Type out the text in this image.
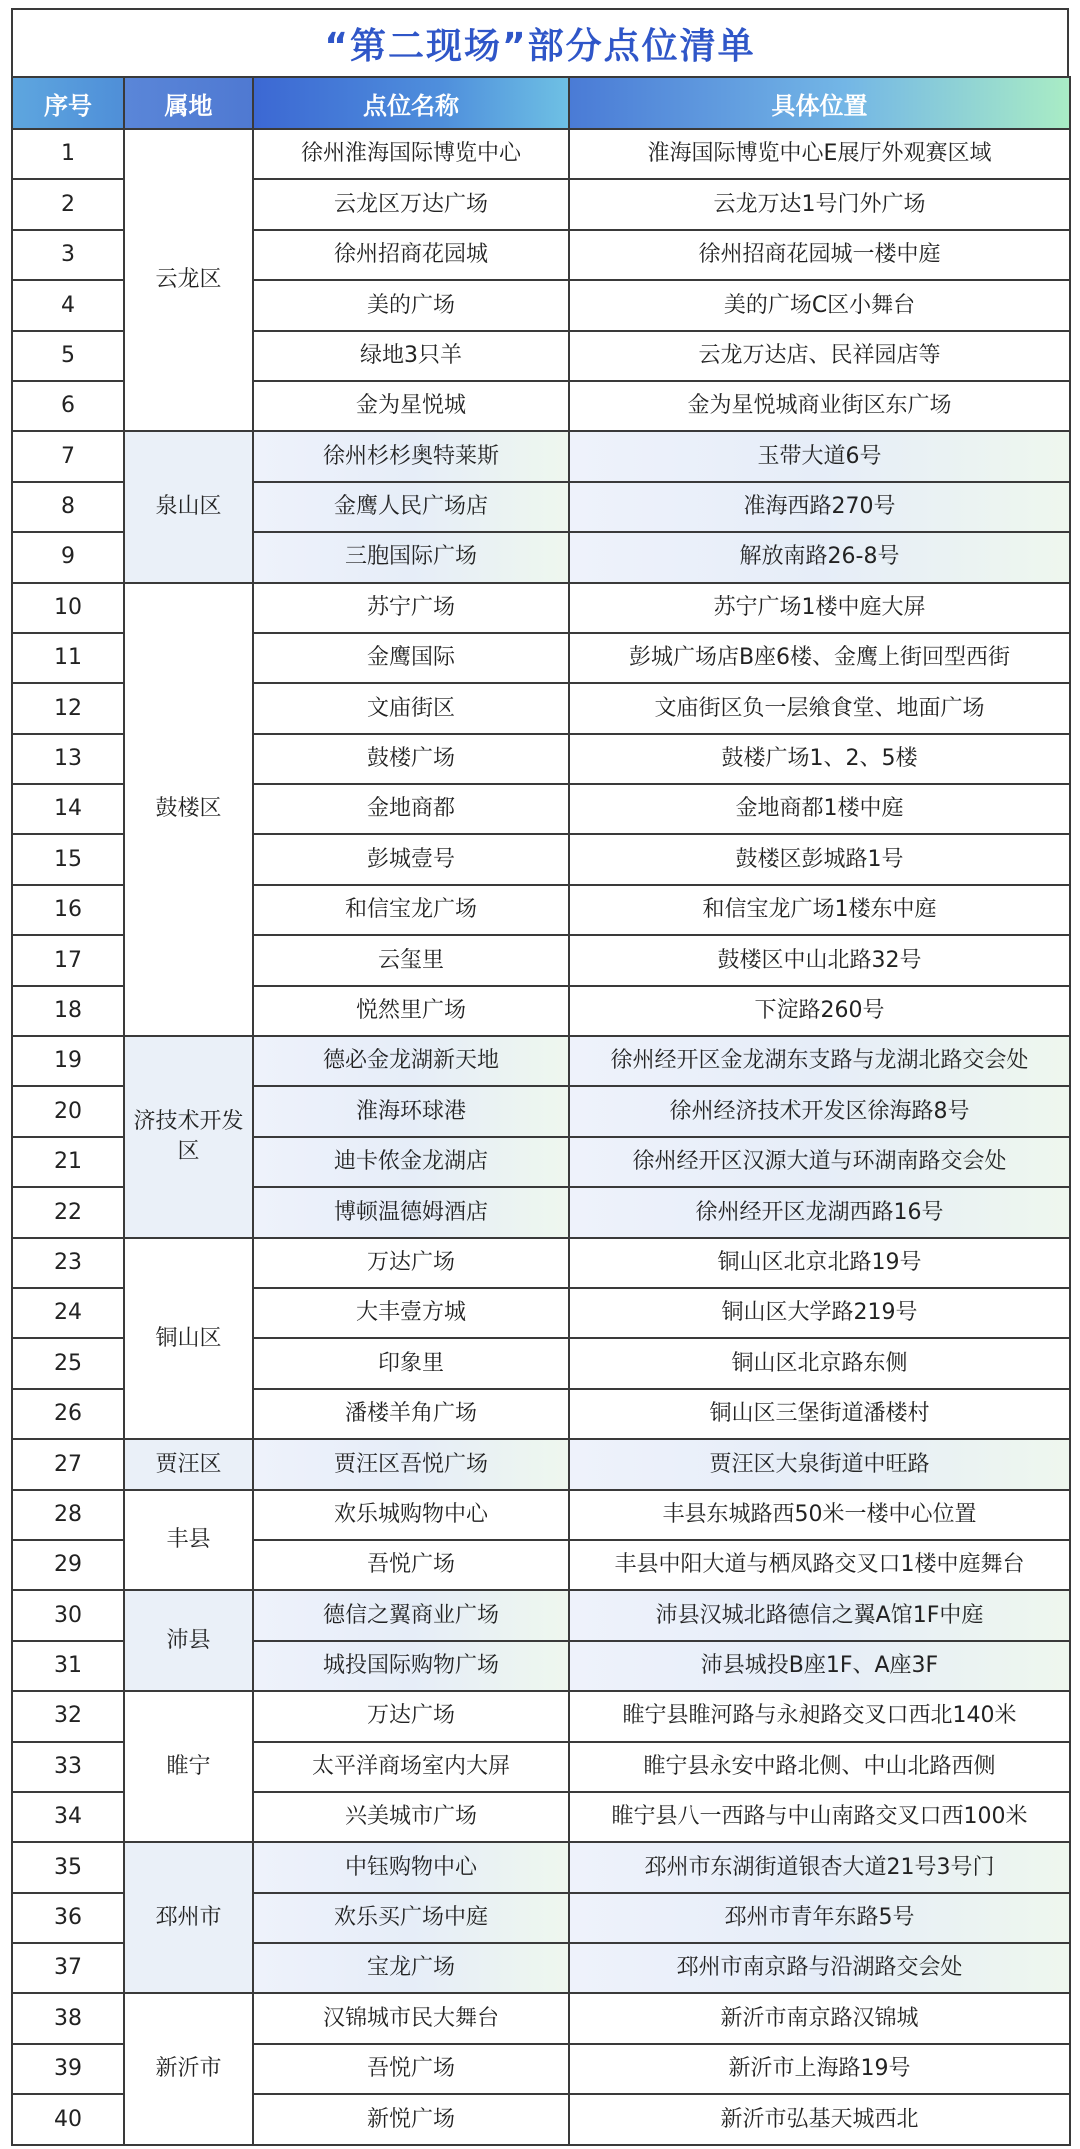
“第二现场”部分点位清单
序号	属地	点位名称	具体位置
1	云龙区	徐州淮海国际博览中心	淮海国际博览中心E展厅外观赛区域
2		云龙区万达广场	云龙万达1号门外广场
3		徐州招商花园城	徐州招商花园城一楼中庭
4		美的广场	美的广场C区小舞台
5		绿地3只羊	云龙万达店、民祥园店等
6		金为星悦城	金为星悦城商业街区东广场
7	泉山区	徐州杉杉奥特莱斯	玉带大道6号
8		金鹰人民广场店	准海西路270号
9		三胞国际广场	解放南路26-8号
10	鼓楼区	苏宁广场	苏宁广场1楼中庭大屏
11		金鹰国际	彭城广场店B座6楼、金鹰上街回型西街
12		文庙街区	文庙街区负一层飨食堂、地面广场
13		鼓楼广场	鼓楼广场1、2、5楼
14		金地商都	金地商都1楼中庭
15		彭城壹号	鼓楼区彭城路1号
16		和信宝龙广场	和信宝龙广场1楼东中庭
17		云玺里	鼓楼区中山北路32号
18		悦然里广场	下淀路260号
19	济技术开发区	德必金龙湖新天地	徐州经开区金龙湖东支路与龙湖北路交会处
20		淮海环球港	徐州经济技术开发区徐海路8号
21		迪卡侬金龙湖店	徐州经开区汉源大道与环湖南路交会处
22		博顿温德姆酒店	徐州经开区龙湖西路16号
23	铜山区	万达广场	铜山区北京北路19号
24		大丰壹方城	铜山区大学路219号
25		印象里	铜山区北京路东侧
26		潘楼羊角广场	铜山区三堡街道潘楼村
27	贾汪区	贾汪区吾悦广场	贾汪区大泉街道中旺路
28	丰县	欢乐城购物中心	丰县东城路西50米一楼中心位置
29		吾悦广场	丰县中阳大道与栖凤路交叉口1楼中庭舞台
30	沛县	德信之翼商业广场	沛县汉城北路德信之翼A馆1F中庭
31		城投国际购物广场	沛县城投B座1F、A座3F
32	睢宁	万达广场	睢宁县睢河路与永昶路交叉口西北140米
33		太平洋商场室内大屏	睢宁县永安中路北侧、中山北路西侧
34		兴美城市广场	睢宁县八一西路与中山南路交叉口西100米
35	邳州市	中钰购物中心	邳州市东湖街道银杏大道21号3号门
36		欢乐买广场中庭	邳州市青年东路5号
37		宝龙广场	邳州市南京路与沿湖路交会处
38	新沂市	汉锦城市民大舞台	新沂市南京路汉锦城
39		吾悦广场	新沂市上海路19号
40		新悦广场	新沂市弘基天城西北
